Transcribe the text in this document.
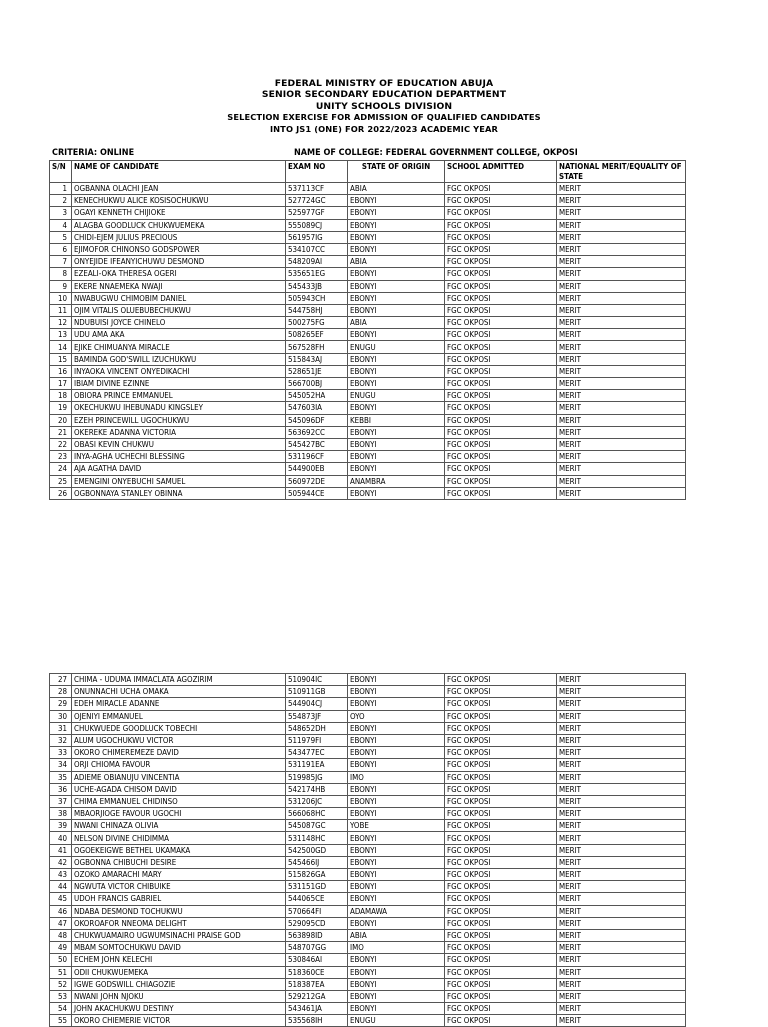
FEDERAL MINISTRY OF EDUCATION ABUJA
SENIOR SECONDARY EDUCATION DEPARTMENT
UNITY SCHOOLS DIVISION
SELECTION EXERCISE FOR ADMISSION OF QUALIFIED CANDIDATES
INTO JS1 (ONE) FOR 2022/2023 ACADEMIC YEAR
CRITERIA: ONLINE	NAME OF COLLEGE: FEDERAL GOVERNMENT COLLEGE, OKPOSI
S/N	NAME OF CANDIDATE	EXAM NO	STATE OF ORIGIN	SCHOOL ADMITTED	NATIONAL MERIT/EQUALITY OF STATE
1	OGBANNA OLACHI JEAN	537113CF	ABIA	FGC OKPOSI	MERIT
2	KENECHUKWU ALICE KOSISOCHUKWU	527724GC	EBONYI	FGC OKPOSI	MERIT
3	OGAYI KENNETH CHIJIOKE	525977GF	EBONYI	FGC OKPOSI	MERIT
4	ALAGBA GOODLUCK CHUKWUEMEKA	555089CJ	EBONYI	FGC OKPOSI	MERIT
5	CHIDI-EJEM JULIUS PRECIOUS	561957IG	EBONYI	FGC OKPOSI	MERIT
6	EJIMOFOR CHINONSO GODSPOWER	534107CC	EBONYI	FGC OKPOSI	MERIT
7	ONYEJIDE IFEANYICHUWU DESMOND	548209AI	ABIA	FGC OKPOSI	MERIT
8	EZEALI-OKA THERESA OGERI	535651EG	EBONYI	FGC OKPOSI	MERIT
9	EKERE NNAEMEKA NWAJI	545433JB	EBONYI	FGC OKPOSI	MERIT
10	NWABUGWU CHIMOBIM DANIEL	505943CH	EBONYI	FGC OKPOSI	MERIT
11	OJIM VITALIS OLUEBUBECHUKWU	544758HJ	EBONYI	FGC OKPOSI	MERIT
12	NDUBUISI JOYCE CHINELO	500275FG	ABIA	FGC OKPOSI	MERIT
13	UDU AMA AKA	508265EF	EBONYI	FGC OKPOSI	MERIT
14	EJIKE CHIMUANYA MIRACLE	567528FH	ENUGU	FGC OKPOSI	MERIT
15	BAMINDA GOD'SWILL IZUCHUKWU	515843AJ	EBONYI	FGC OKPOSI	MERIT
16	INYAOKA VINCENT ONYEDIKACHI	528651JE	EBONYI	FGC OKPOSI	MERIT
17	IBIAM DIVINE EZINNE	566700BJ	EBONYI	FGC OKPOSI	MERIT
18	OBIORA PRINCE EMMANUEL	545052HA	ENUGU	FGC OKPOSI	MERIT
19	OKECHUKWU IHEBUNADU KINGSLEY	547603IA	EBONYI	FGC OKPOSI	MERIT
20	EZEH PRINCEWILL UGOCHUKWU	545096DF	KEBBI	FGC OKPOSI	MERIT
21	OKEREKE ADANNA VICTORIA	563692CC	EBONYI	FGC OKPOSI	MERIT
22	OBASI KEVIN CHUKWU	545427BC	EBONYI	FGC OKPOSI	MERIT
23	INYA-AGHA UCHECHI BLESSING	531196CF	EBONYI	FGC OKPOSI	MERIT
24	AJA AGATHA DAVID	544900EB	EBONYI	FGC OKPOSI	MERIT
25	EMENGINI ONYEBUCHI SAMUEL	560972DE	ANAMBRA	FGC OKPOSI	MERIT
26	OGBONNAYA STANLEY OBINNA	505944CE	EBONYI	FGC OKPOSI	MERIT
27	CHIMA - UDUMA IMMACLATA AGOZIRIM	510904IC	EBONYI	FGC OKPOSI	MERIT
28	ONUNNACHI UCHA OMAKA	510911GB	EBONYI	FGC OKPOSI	MERIT
29	EDEH MIRACLE ADANNE	544904CJ	EBONYI	FGC OKPOSI	MERIT
30	OJENIYI EMMANUEL	554873JF	OYO	FGC OKPOSI	MERIT
31	CHUKWUEDE GOODLUCK TOBECHI	548652DH	EBONYI	FGC OKPOSI	MERIT
32	ALUM UGOCHUKWU VICTOR	511979FI	EBONYI	FGC OKPOSI	MERIT
33	OKORO CHIMEREMEZE DAVID	543477EC	EBONYI	FGC OKPOSI	MERIT
34	ORJI CHIOMA FAVOUR	531191EA	EBONYI	FGC OKPOSI	MERIT
35	ADIEME OBIANUJU VINCENTIA	519985JG	IMO	FGC OKPOSI	MERIT
36	UCHE-AGADA CHISOM DAVID	542174HB	EBONYI	FGC OKPOSI	MERIT
37	CHIMA EMMANUEL CHIDINSO	531206JC	EBONYI	FGC OKPOSI	MERIT
38	MBAORJIOGE FAVOUR UGOCHI	566068HC	EBONYI	FGC OKPOSI	MERIT
39	NWANI CHINAZA OLIVIA	545087GC	YOBE	FGC OKPOSI	MERIT
40	NELSON DIVINE CHIDIMMA	531148HC	EBONYI	FGC OKPOSI	MERIT
41	OGOEKEIGWE BETHEL UKAMAKA	542500GD	EBONYI	FGC OKPOSI	MERIT
42	OGBONNA CHIBUCHI DESIRE	545466IJ	EBONYI	FGC OKPOSI	MERIT
43	OZOKO AMARACHI MARY	515826GA	EBONYI	FGC OKPOSI	MERIT
44	NGWUTA VICTOR CHIBUIKE	531151GD	EBONYI	FGC OKPOSI	MERIT
45	UDOH FRANCIS GABRIEL	544065CE	EBONYI	FGC OKPOSI	MERIT
46	NDABA DESMOND TOCHUKWU	570664FI	ADAMAWA	FGC OKPOSI	MERIT
47	OKOROAFOR NNEOMA DELIGHT	529095CD	EBONYI	FGC OKPOSI	MERIT
48	CHUKWUAMAIRO UGWUMSINACHI PRAISE GOD	563898ID	ABIA	FGC OKPOSI	MERIT
49	MBAM SOMTOCHUKWU DAVID	548707GG	IMO	FGC OKPOSI	MERIT
50	ECHEM JOHN KELECHI	530846AI	EBONYI	FGC OKPOSI	MERIT
51	ODII CHUKWUEMEKA	518360CE	EBONYI	FGC OKPOSI	MERIT
52	IGWE GODSWILL CHIAGOZIE	518387EA	EBONYI	FGC OKPOSI	MERIT
53	NWANI JOHN NJOKU	529212GA	EBONYI	FGC OKPOSI	MERIT
54	JOHN AKACHUKWU DESTINY	543461JA	EBONYI	FGC OKPOSI	MERIT
55	OKORO CHIEMERIE VICTOR	535568IH	ENUGU	FGC OKPOSI	MERIT
